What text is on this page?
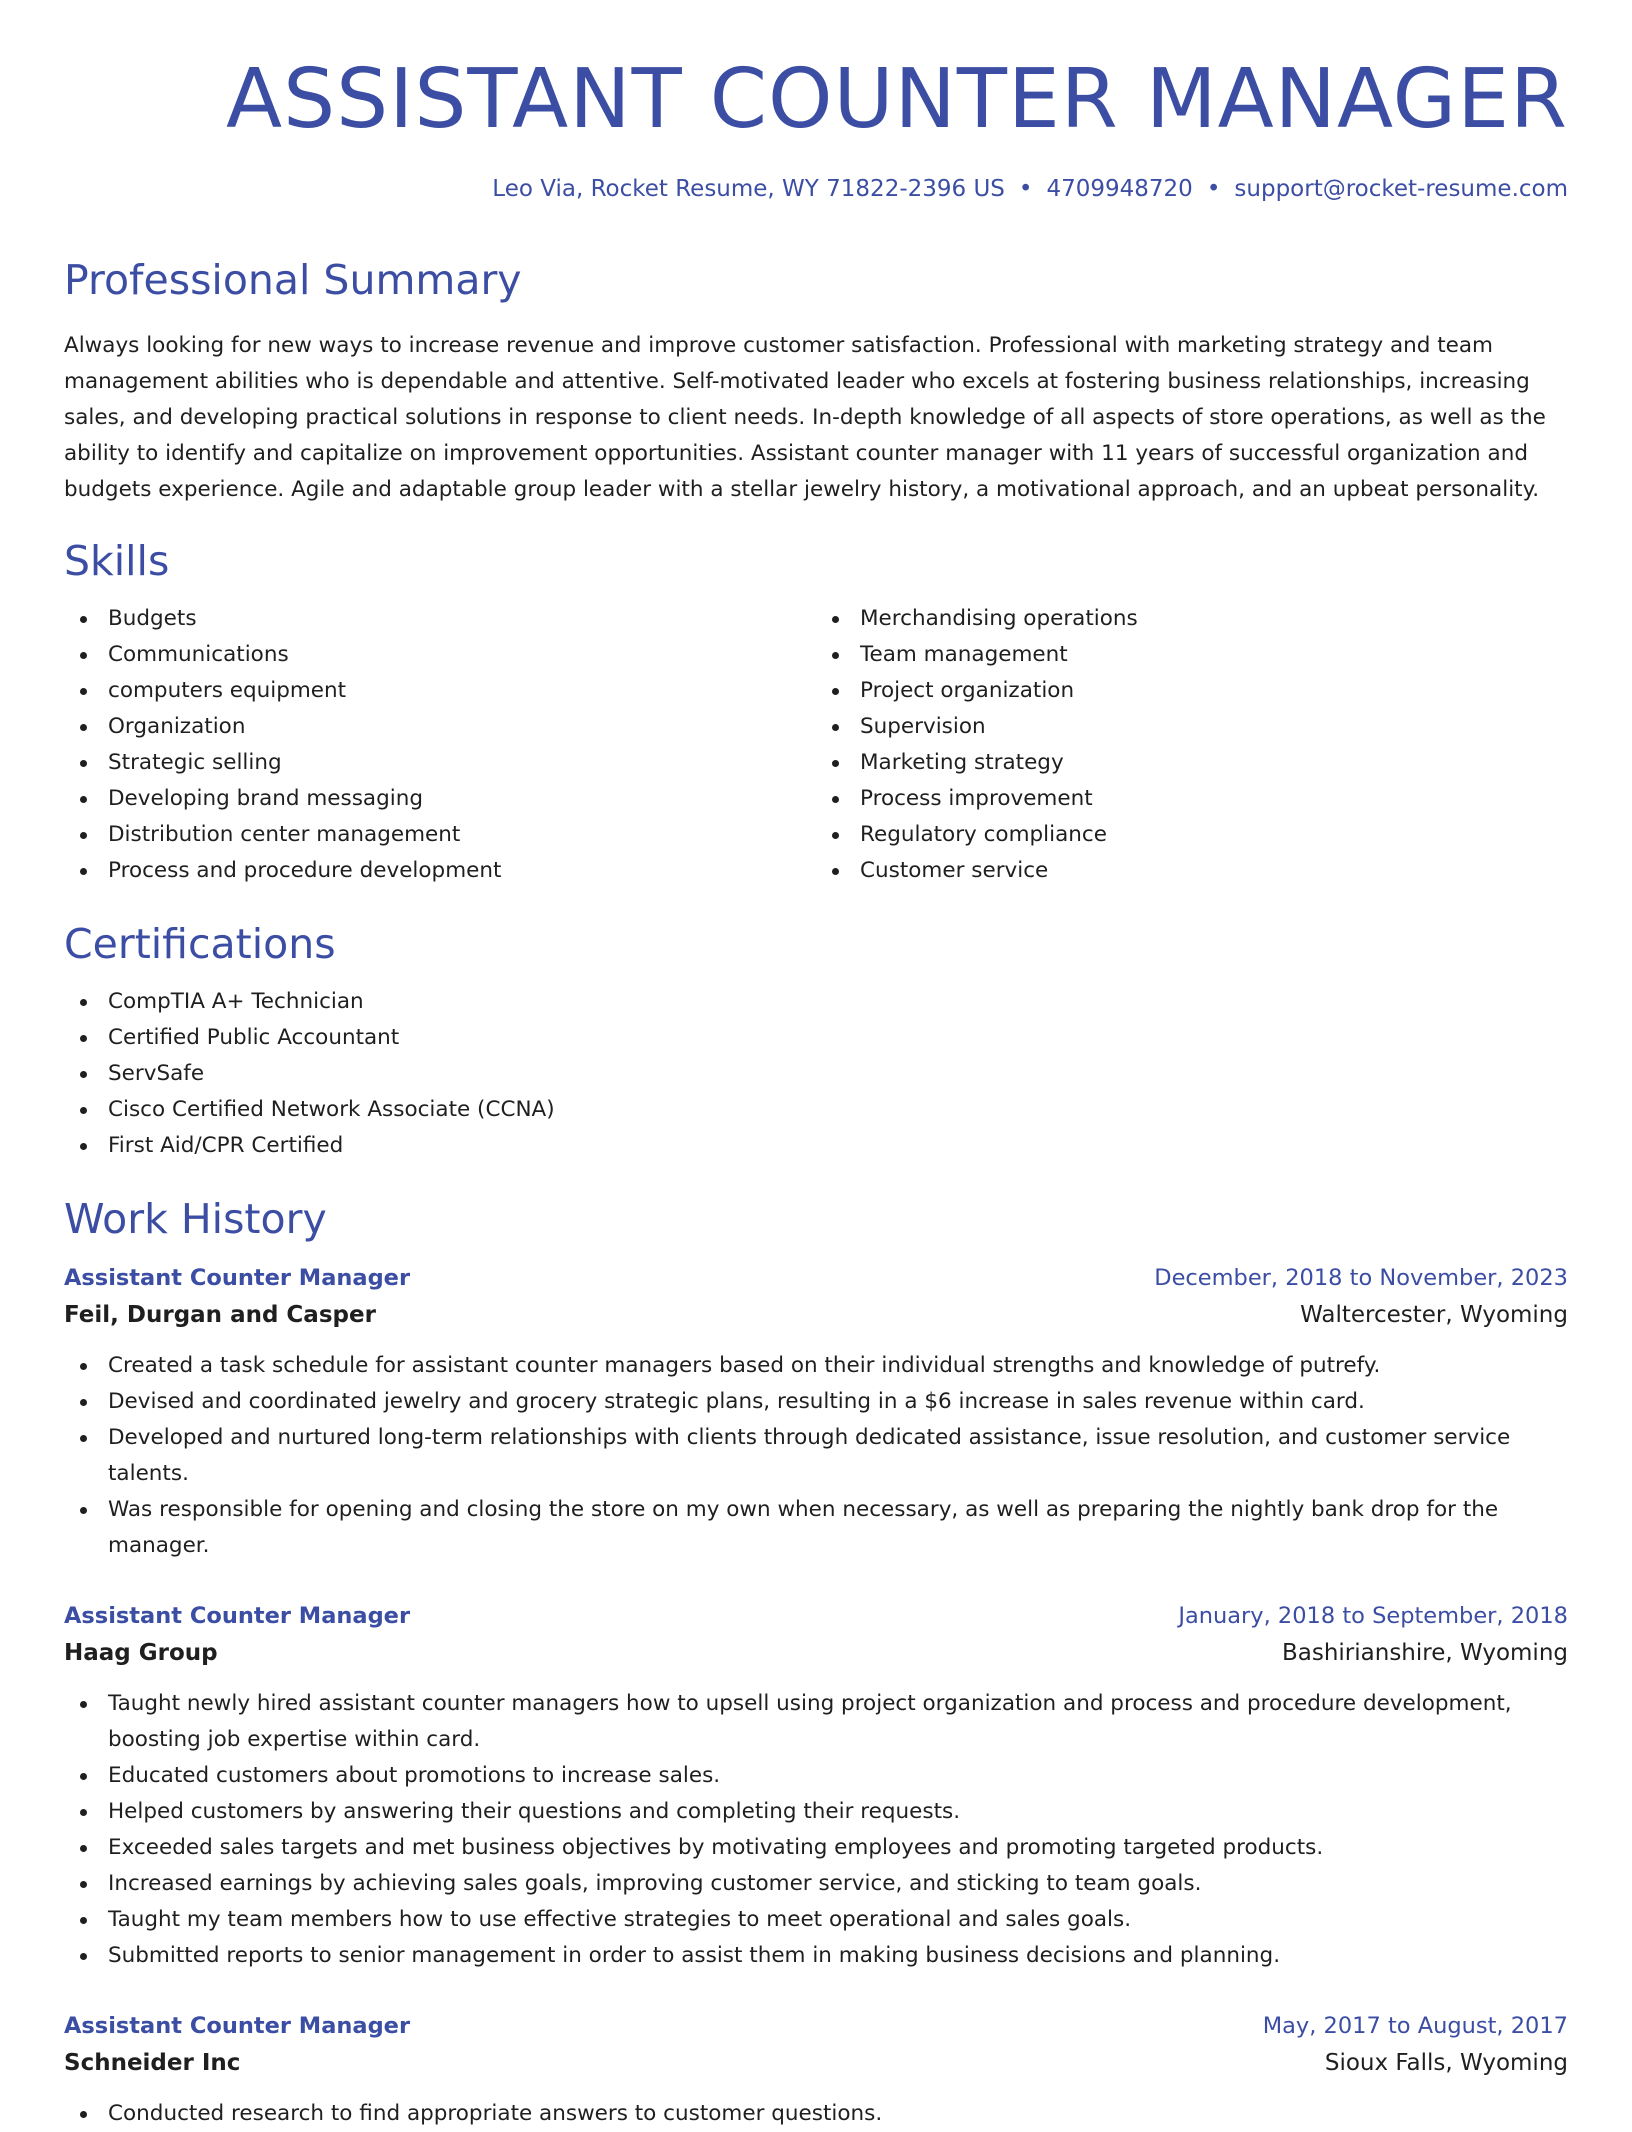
ASSISTANT COUNTER MANAGER
Leo Via, Rocket Resume, WY 71822-2396 US • 4709948720 • support@rocket-resume.com
Professional Summary

Always looking for new ways to increase revenue and improve customer satisfaction. Professional with marketing strategy and team management abilities who is dependable and attentive. Self-motivated leader who excels at fostering business relationships, increasing sales, and developing practical solutions in response to client needs. In-depth knowledge of all aspects of store operations, as well as the ability to identify and capitalize on improvement opportunities. Assistant counter manager with 11 years of successful organization and budgets experience. Agile and adaptable group leader with a stellar jewelry history, a motivational approach, and an upbeat personality.

Skills
Budgets
Communications
computers equipment
Organization
Strategic selling
Developing brand messaging
Distribution center management
Process and procedure development
Merchandising operations
Team management
Project organization
Supervision
Marketing strategy
Process improvement
Regulatory compliance
Customer service
Certifications
CompTIA A+ Technician
Certified Public Accountant
ServSafe
Cisco Certified Network Associate (CCNA)
First Aid/CPR Certified
Work History
Assistant Counter Manager	December, 2018 to November, 2023
Feil, Durgan and Casper	Waltercester, Wyoming
Created a task schedule for assistant counter managers based on their individual strengths and knowledge of putrefy.
Devised and coordinated jewelry and grocery strategic plans, resulting in a $6 increase in sales revenue within card.
Developed and nurtured long-term relationships with clients through dedicated assistance, issue resolution, and customer service talents.
Was responsible for opening and closing the store on my own when necessary, as well as preparing the nightly bank drop for the manager.
Assistant Counter Manager	January, 2018 to September, 2018
Haag Group	Bashirianshire, Wyoming
Taught newly hired assistant counter managers how to upsell using project organization and process and procedure development, boosting job expertise within card.
Educated customers about promotions to increase sales.
Helped customers by answering their questions and completing their requests.
Exceeded sales targets and met business objectives by motivating employees and promoting targeted products.
Increased earnings by achieving sales goals, improving customer service, and sticking to team goals.
Taught my team members how to use effective strategies to meet operational and sales goals.
Submitted reports to senior management in order to assist them in making business decisions and planning.
Assistant Counter Manager	May, 2017 to August, 2017
Schneider Inc	Sioux Falls, Wyoming
Conducted research to find appropriate answers to customer questions.
